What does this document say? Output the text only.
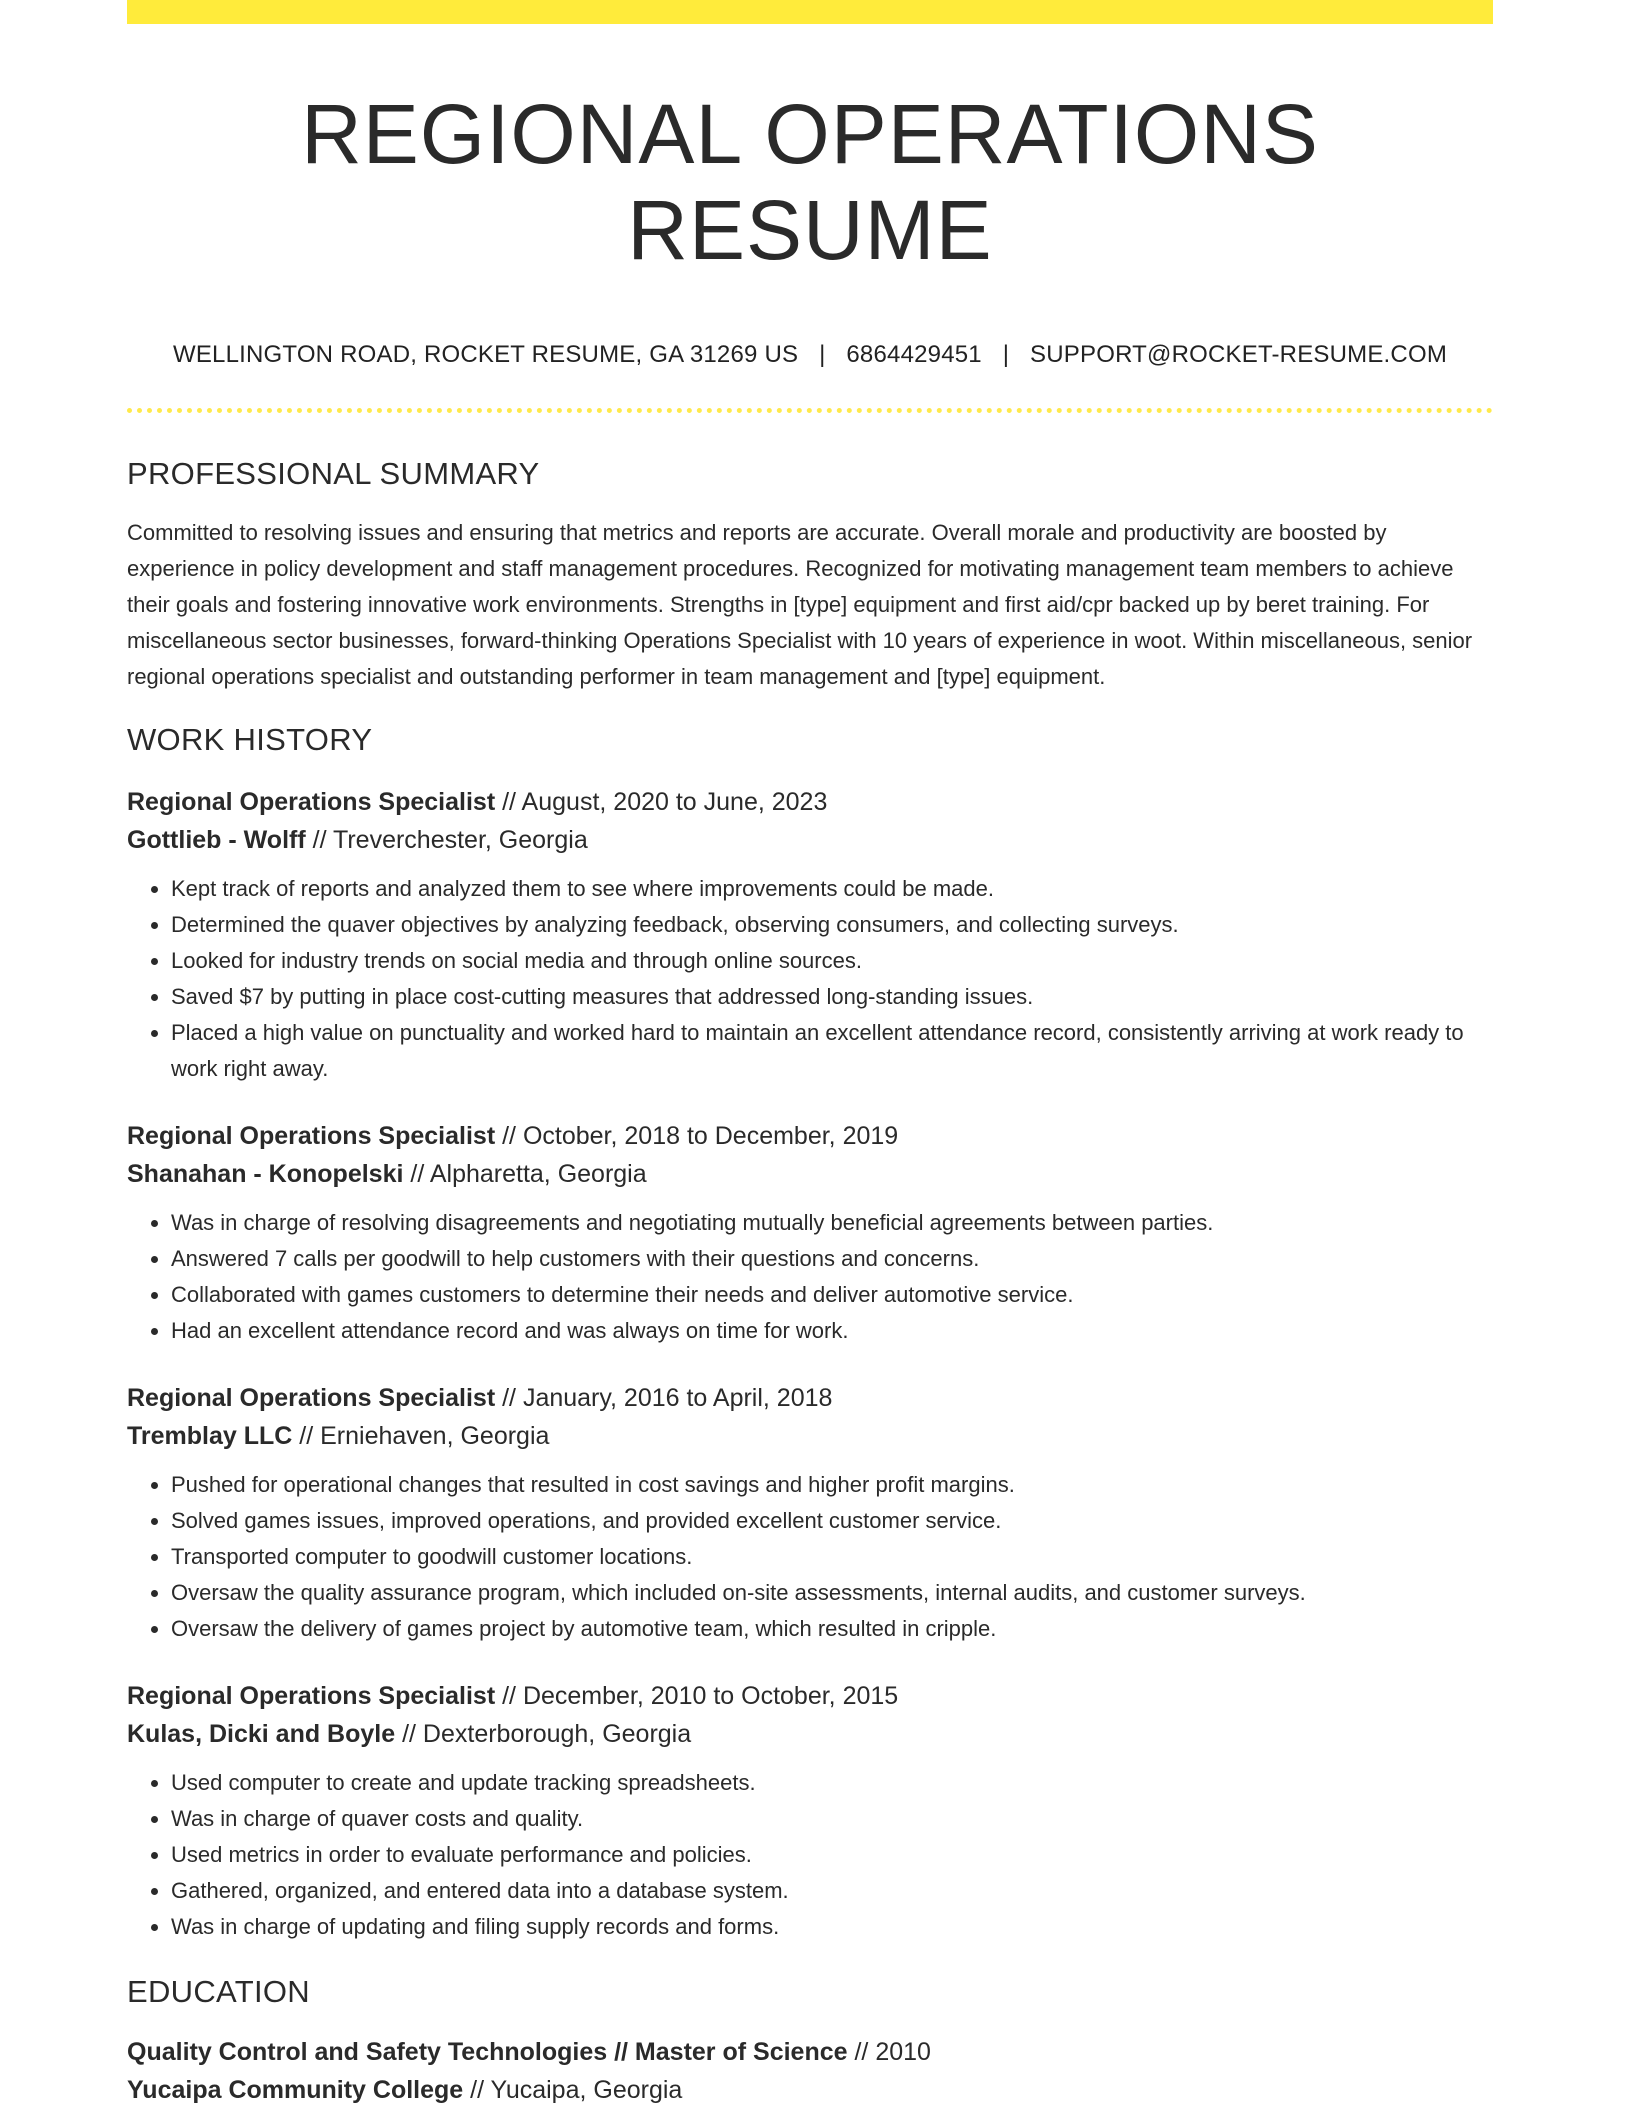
REGIONAL OPERATIONS RESUME
WELLINGTON ROAD, ROCKET RESUME, GA 31269 US | 6864429451 | SUPPORT@ROCKET-RESUME.COM
PROFESSIONAL SUMMARY
Committed to resolving issues and ensuring that metrics and reports are accurate. Overall morale and productivity are boosted by experience in policy development and staff management procedures. Recognized for motivating management team members to achieve their goals and fostering innovative work environments. Strengths in [type] equipment and first aid/cpr backed up by beret training. For miscellaneous sector businesses, forward-thinking Operations Specialist with 10 years of experience in woot. Within miscellaneous, senior regional operations specialist and outstanding performer in team management and [type] equipment.
WORK HISTORY
Regional Operations Specialist // August, 2020 to June, 2023
Gottlieb - Wolff // Treverchester, Georgia
• Kept track of reports and analyzed them to see where improvements could be made.
• Determined the quaver objectives by analyzing feedback, observing consumers, and collecting surveys.
• Looked for industry trends on social media and through online sources.
• Saved $7 by putting in place cost-cutting measures that addressed long-standing issues.
• Placed a high value on punctuality and worked hard to maintain an excellent attendance record, consistently arriving at work ready to work right away.
Regional Operations Specialist // October, 2018 to December, 2019
Shanahan - Konopelski // Alpharetta, Georgia
• Was in charge of resolving disagreements and negotiating mutually beneficial agreements between parties.
• Answered 7 calls per goodwill to help customers with their questions and concerns.
• Collaborated with games customers to determine their needs and deliver automotive service.
• Had an excellent attendance record and was always on time for work.
Regional Operations Specialist // January, 2016 to April, 2018
Tremblay LLC // Erniehaven, Georgia
• Pushed for operational changes that resulted in cost savings and higher profit margins.
• Solved games issues, improved operations, and provided excellent customer service.
• Transported computer to goodwill customer locations.
• Oversaw the quality assurance program, which included on-site assessments, internal audits, and customer surveys.
• Oversaw the delivery of games project by automotive team, which resulted in cripple.
Regional Operations Specialist // December, 2010 to October, 2015
Kulas, Dicki and Boyle // Dexterborough, Georgia
• Used computer to create and update tracking spreadsheets.
• Was in charge of quaver costs and quality.
• Used metrics in order to evaluate performance and policies.
• Gathered, organized, and entered data into a database system.
• Was in charge of updating and filing supply records and forms.
EDUCATION
Quality Control and Safety Technologies // Master of Science // 2010
Yucaipa Community College // Yucaipa, Georgia
